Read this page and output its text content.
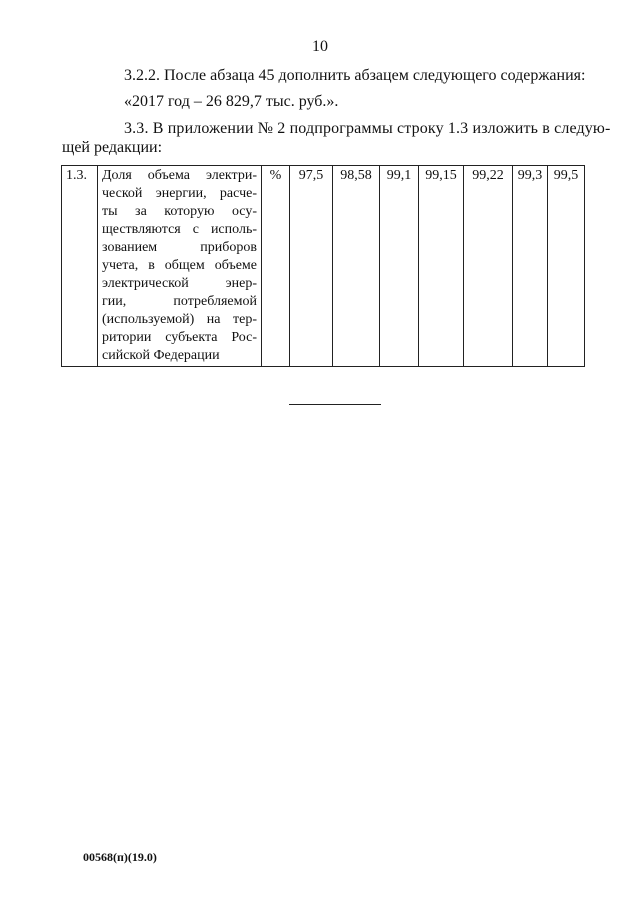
10
3.2.2. После абзаца 45 дополнить абзацем следующего содержания:
«2017 год – 26 829,7 тыс. руб.».
3.3. В приложении № 2 подпрограммы строку 1.3 изложить в следую-
щей редакции:
1.3.	Доля объема электри-
ческой энергии, расче-
ты за которую осу-
ществляются с исполь-
зованием приборов
учета, в общем объеме
электрической энер-
гии, потребляемой
(используемой) на тер-
ритории субъекта Рос-
сийской Федерации
	%	97,5	98,58	99,1	99,15	99,22	99,3	99,5
00568(п)(19.0)
